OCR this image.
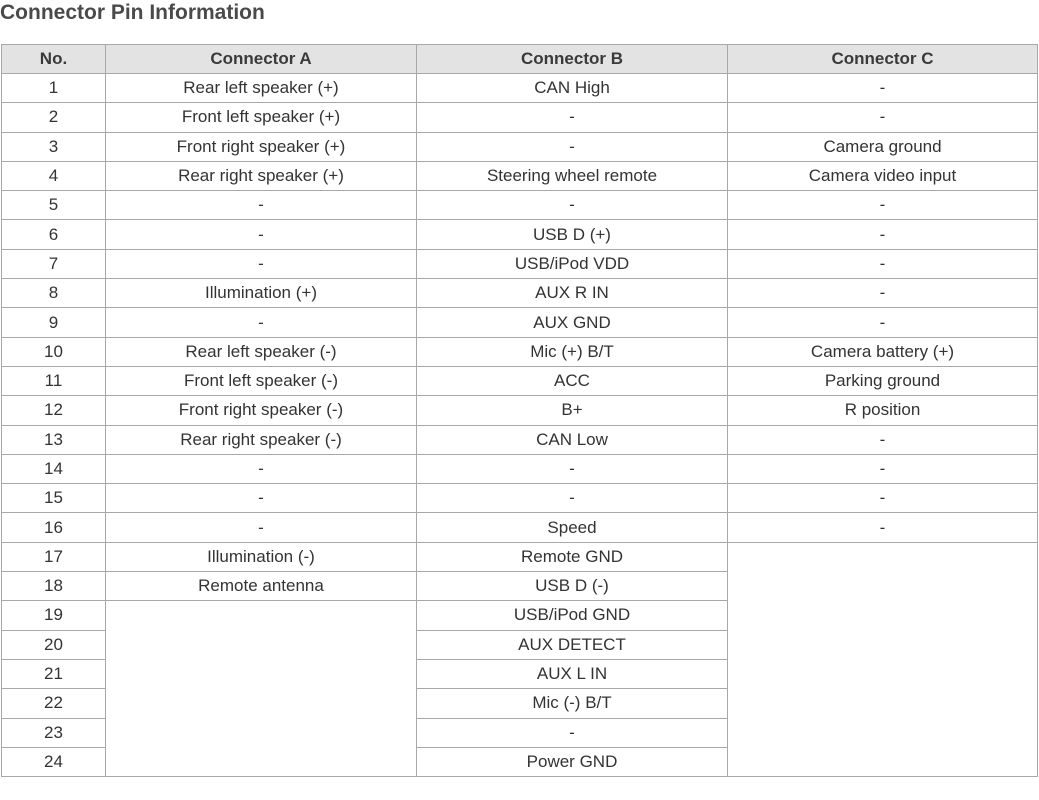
Connector Pin Information
No.	Connector A	Connector B	Connector C
1	Rear left speaker (+)	CAN High	-
2	Front left speaker (+)	-	-
3	Front right speaker (+)	-	Camera ground
4	Rear right speaker (+)	Steering wheel remote	Camera video input
5	-	-	-
6	-	USB D (+)	-
7	-	USB/iPod VDD	-
8	Illumination (+)	AUX R IN	-
9	-	AUX GND	-
10	Rear left speaker (-)	Mic (+) B/T	Camera battery (+)
11	Front left speaker (-)	ACC	Parking ground
12	Front right speaker (-)	B+	R position
13	Rear right speaker (-)	CAN Low	-
14	-	-	-
15	-	-	-
16	-	Speed	-
17	Illumination (-)	Remote GND	
18	Remote antenna	USB D (-)	
19		USB/iPod GND	
20		AUX DETECT	
21		AUX L IN	
22		Mic (-) B/T	
23		-	
24		Power GND	
